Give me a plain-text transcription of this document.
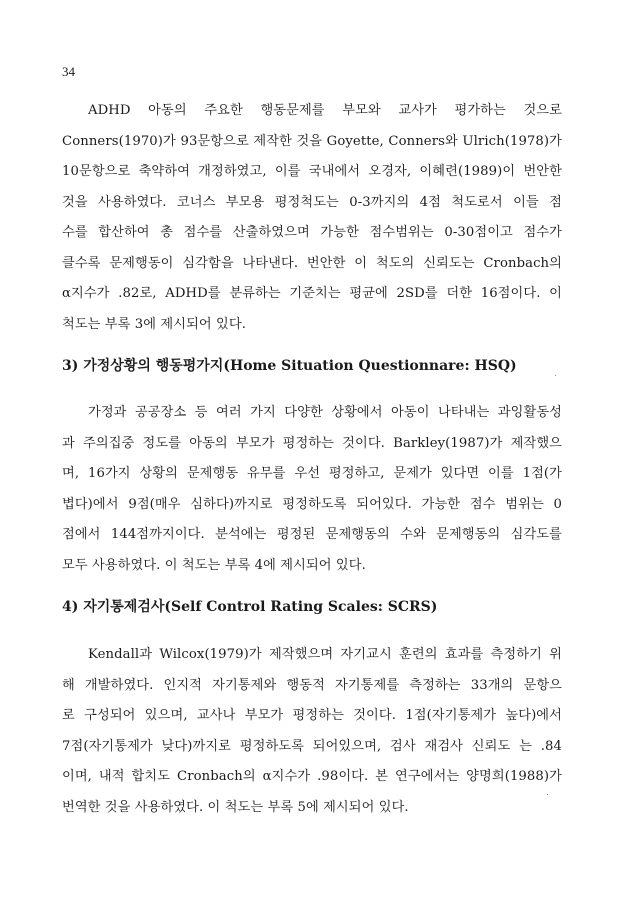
34
ADHD 아동의 주요한 행동문제를 부모와 교사가 평가하는 것으로
Conners(1970)가 93문항으로 제작한 것을 Goyette, Conners와 Ulrich(1978)가
10문항으로 축약하여 개정하였고, 이를 국내에서 오경자, 이혜련(1989)이 번안한
것을 사용하였다. 코너스 부모용 평정척도는 0-3까지의 4점 척도로서 이들 점
수를 합산하여 총 점수를 산출하였으며 가능한 점수범위는 0-30점이고 점수가
클수록 문제행동이 심각함을 나타낸다. 번안한 이 척도의 신뢰도는 Cronbach의
α지수가 .82로, ADHD를 분류하는 기준치는 평균에 2SD를 더한 16점이다. 이
척도는 부록 3에 제시되어 있다.
3) 가정상황의 행동평가지(Home Situation Questionnare: HSQ)
가정과 공공장소 등 여러 가지 다양한 상황에서 아동이 나타내는 과잉활동성
과 주의집중 정도를 아동의 부모가 평정하는 것이다. Barkley(1987)가 제작했으
며, 16가지 상황의 문제행동 유무를 우선 평정하고, 문제가 있다면 이를 1점(가
볍다)에서 9점(매우 심하다)까지로 평정하도록 되어있다. 가능한 점수 범위는 0
점에서 144점까지이다. 분석에는 평정된 문제행동의 수와 문제행동의 심각도를
모두 사용하였다. 이 척도는 부록 4에 제시되어 있다.
4) 자기통제검사(Self Control Rating Scales: SCRS)
Kendall과 Wilcox(1979)가 제작했으며 자기교시 훈련의 효과를 측정하기 위
해 개발하였다. 인지적 자기통제와 행동적 자기통제를 측정하는 33개의 문항으
로 구성되어 있으며, 교사나 부모가 평정하는 것이다. 1점(자기통제가 높다)에서
7점(자기통제가 낮다)까지로 평정하도록 되어있으며, 검사 재검사 신뢰도 는 .84
이며, 내적 합치도 Cronbach의 α지수가 .98이다. 본 연구에서는 양명희(1988)가
번역한 것을 사용하였다. 이 척도는 부록 5에 제시되어 있다.
